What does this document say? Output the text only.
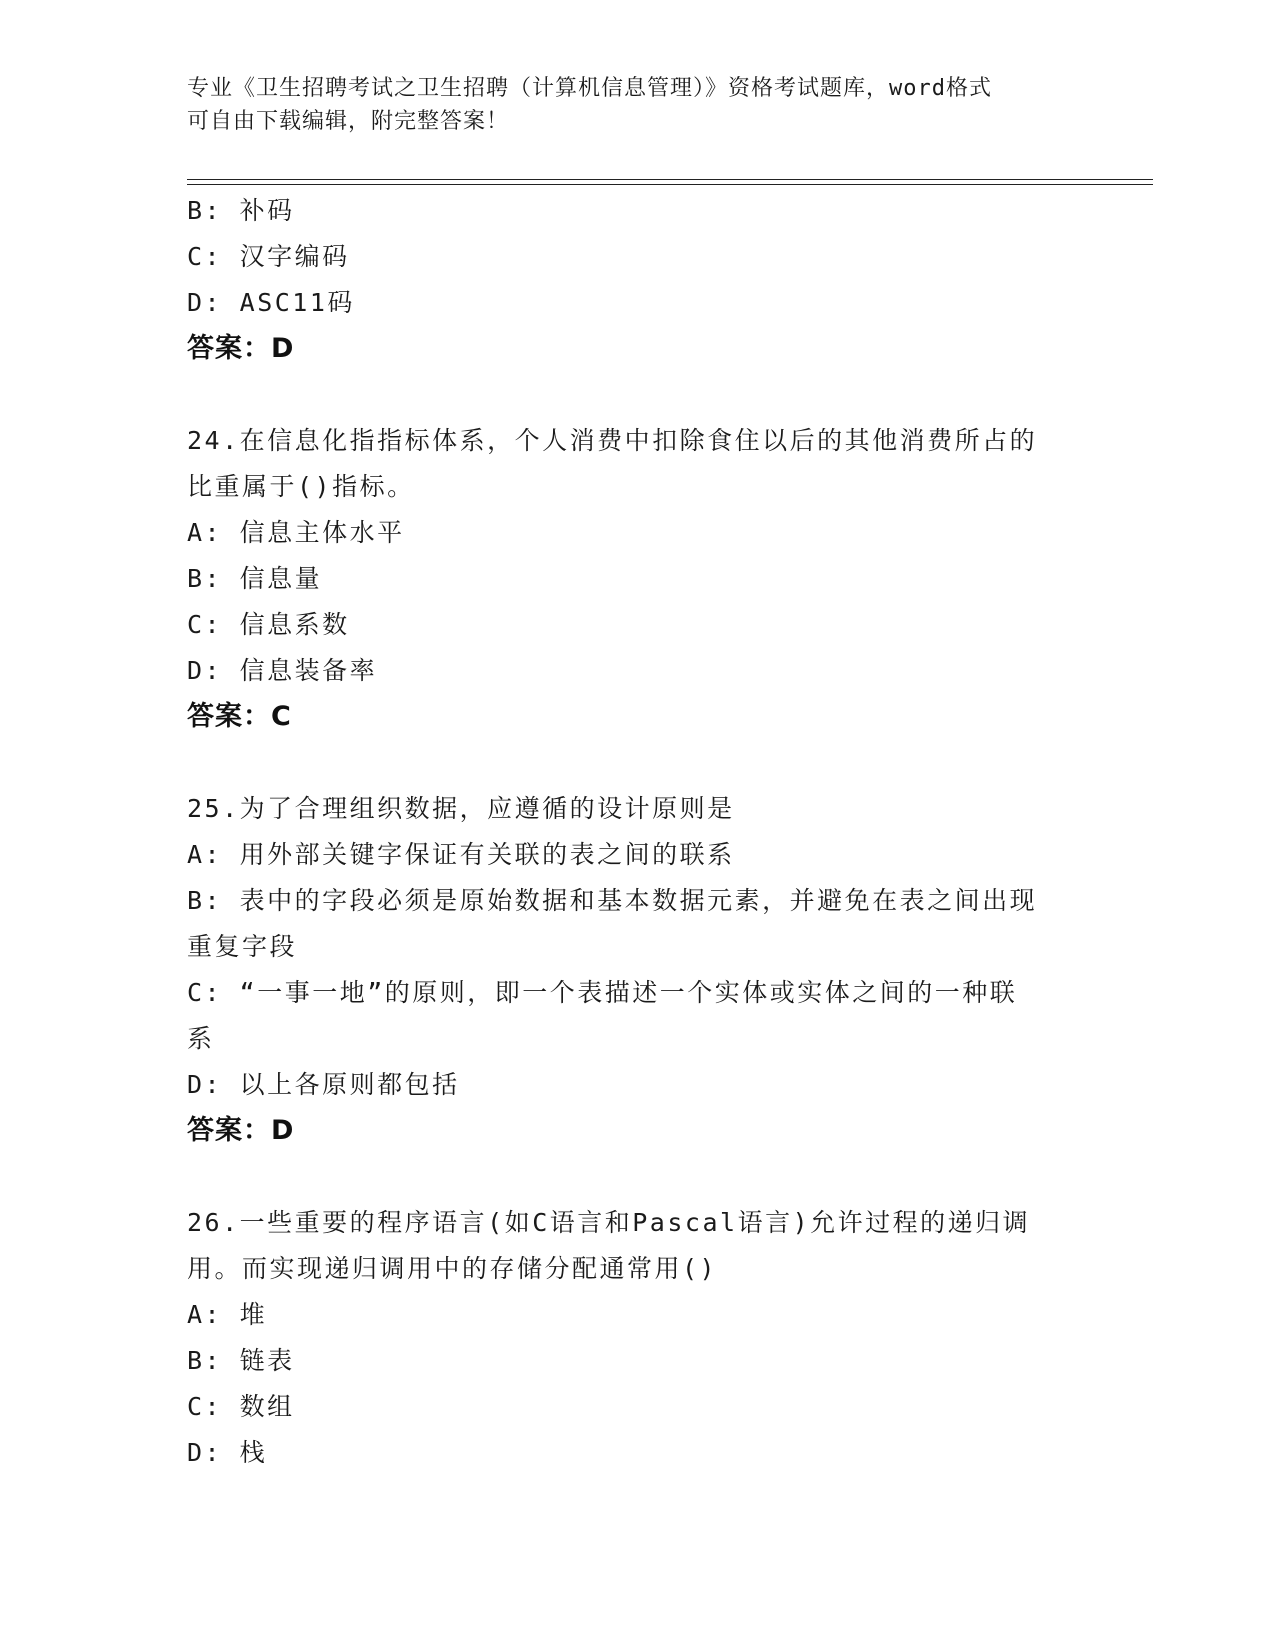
专业《卫生招聘考试之卫生招聘（计算机信息管理）》资格考试题库，word格式
可自由下载编辑，附完整答案！
B: 补码
C: 汉字编码
D: ASC11码
答案：D
24.在信息化指指标体系，个人消费中扣除食住以后的其他消费所占的
比重属于()指标。
A: 信息主体水平
B: 信息量
C: 信息系数
D: 信息装备率
答案：C
25.为了合理组织数据，应遵循的设计原则是
A: 用外部关键字保证有关联的表之间的联系
B: 表中的字段必须是原始数据和基本数据元素，并避免在表之间出现
重复字段
C: “一事一地”的原则，即一个表描述一个实体或实体之间的一种联
系
D: 以上各原则都包括
答案：D
26.一些重要的程序语言(如C语言和Pascal语言)允许过程的递归调
用。而实现递归调用中的存储分配通常用()
A: 堆
B: 链表
C: 数组
D: 栈
